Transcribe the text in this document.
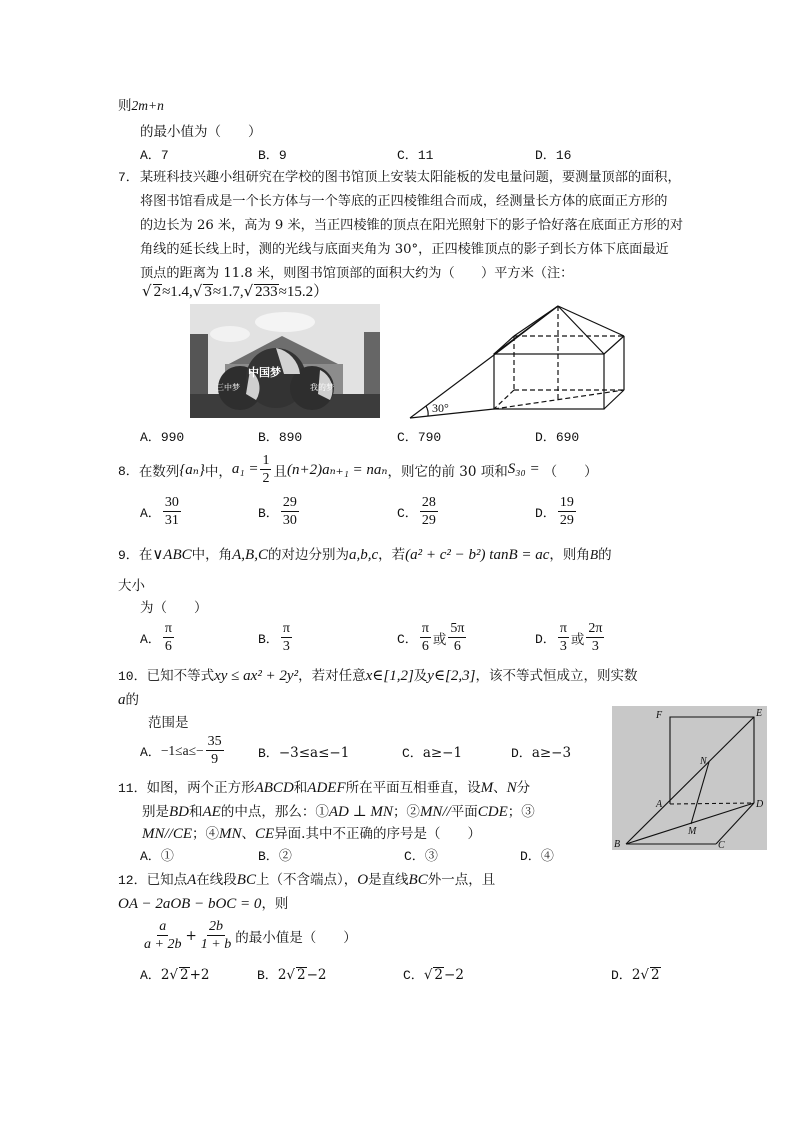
则2m+n
的最小值为（　　）
A．7	B．9	C．11	D．16
7． 某班科技兴趣小组研究在学校的图书馆顶上安装太阳能板的发电量问题，要测量顶部的面积，
将图书馆看成是一个长方体与一个等底的正四棱锥组合而成，经测量长方体的底面正方形的
的边长为 26 米，高为 9 米，当正四棱锥的顶点在阳光照射下的影子恰好落在底面正方形的对
角线的延长线上时，测的光线与底面夹角为 30°，正四棱锥顶点的影子到长方体下底面最近
顶点的距离为 11.8 米，则图书馆顶部的面积大约为（　　）平方米（注：
√ 2≈1.4,√ 3≈1.7,√ 233≈15.2）
中国梦
三中梦	我的梦
30°
A．990	B．890	C．790	D．690
8． 在数列 {aₙ} 中， $a_1 = \frac{1}{2}$ 且 (n+2)aₙ₊₁ = naₙ ，则它的前 30 项和 S₃₀ = （　　）
A． $\frac{30}{31}$	B． $\frac{29}{30}$	C． $\frac{28}{29}$	D． $\frac{19}{29}$
9．在∨ABC中，角A,B,C的对边分别为a,b,c，若(a² + c² − b²) tanB = ac，则角B的
大小
为（　　）
A． $\frac{\pi}{6}$	B． $\frac{\pi}{3}$	C． $\frac{\pi}{6}$ 或 $\frac{5\pi}{6}$	D． $\frac{\pi}{3}$ 或 $\frac{2\pi}{3}$
10．已知不等式xy ≤ ax² + 2y²，若对任意x∈[1,2]及y∈[2,3]，该不等式恒成立，则实数
a的
范围是
A． $-1\le a\le- \frac{35}{9}$	B．−3≤a≤−1	C．a≥−1	D．a≥−3
F	E
N
A	D
M
B	C
11．如图，两个正方形ABCD和ADEF所在平面互相垂直，设M、N分
别是BD和AE的中点，那么：①AD ⊥ MN；②MN//平面CDE；③
MN//CE；④MN、CE异面.其中不正确的序号是（　　）
A．①	B．②	C．③	D．④
12．已知点A在线段BC上（不含端点），O是直线BC外一点，且
OA − 2aOB − bOC = 0，则
$\frac{a}{a + 2b} + \frac{2b}{1 + b}$ 的最小值是（　　）
A．2√ 2+2	B．2√ 2−2	C．√ 2−2	D．2√ 2
